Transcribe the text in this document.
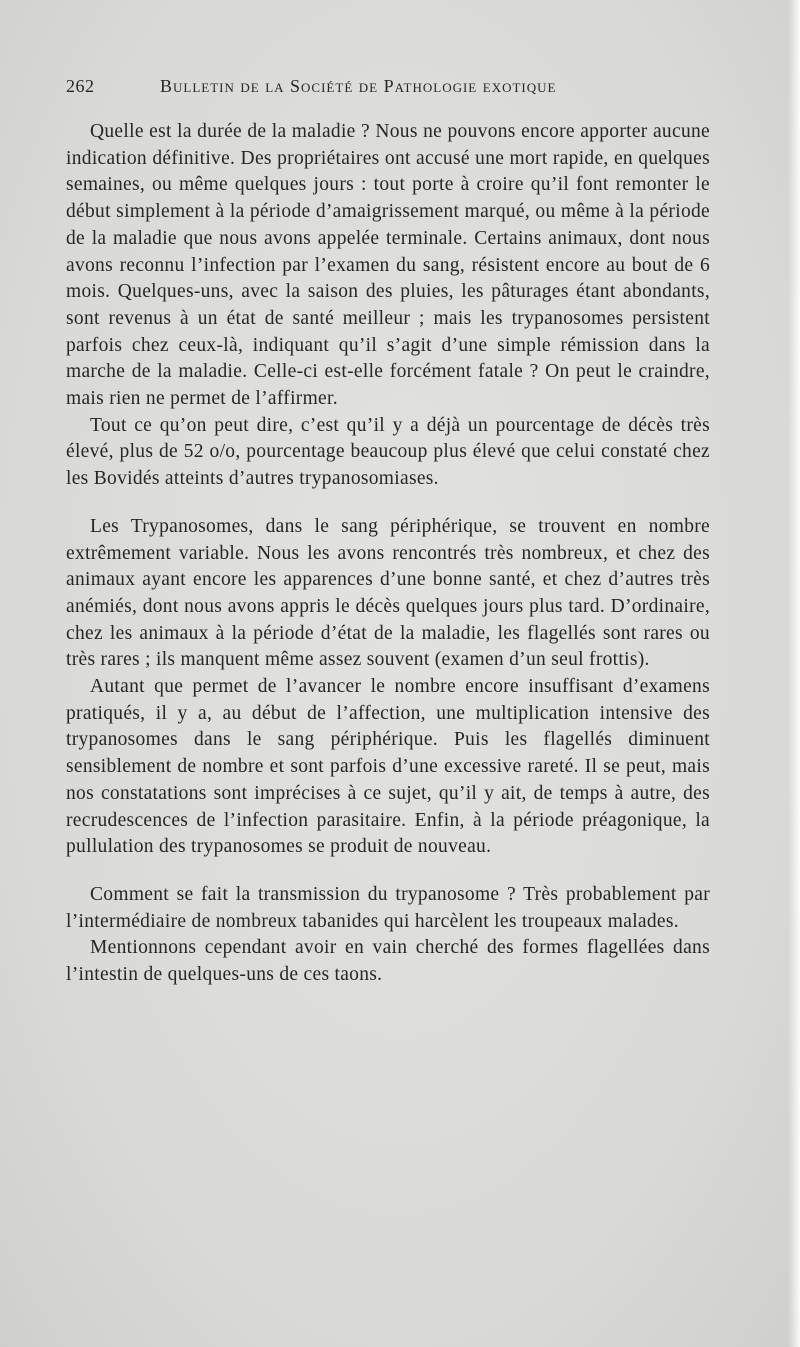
262	Bulletin de la Société de Pathologie exotique

Quelle est la durée de la maladie ? Nous ne pouvons encore apporter aucune indication définitive. Des propriétaires ont accusé une mort rapide, en quelques semaines, ou même quelques jours : tout porte à croire qu’il font remonter le début simplement à la période d’amaigrissement marqué, ou même à la période de la maladie que nous avons appelée terminale. Certains animaux, dont nous avons reconnu l’infection par l’examen du sang, résistent encore au bout de 6 mois. Quelques-uns, avec la saison des pluies, les pâturages étant abondants, sont revenus à un état de santé meilleur ; mais les trypanosomes persistent parfois chez ceux-là, indiquant qu’il s’agit d’une simple rémission dans la marche de la maladie. Celle-ci est-elle forcément fatale ? On peut le craindre, mais rien ne permet de l’affirmer.

Tout ce qu’on peut dire, c’est qu’il y a déjà un pourcentage de décès très élevé, plus de 52 o/o, pourcentage beaucoup plus élevé que celui constaté chez les Bovidés atteints d’autres trypanosomiases.

Les Trypanosomes, dans le sang périphérique, se trouvent en nombre extrêmement variable. Nous les avons rencontrés très nombreux, et chez des animaux ayant encore les apparences d’une bonne santé, et chez d’autres très anémiés, dont nous avons appris le décès quelques jours plus tard. D’ordinaire, chez les animaux à la période d’état de la maladie, les flagellés sont rares ou très rares ; ils manquent même assez souvent (examen d’un seul frottis).

Autant que permet de l’avancer le nombre encore insuffisant d’examens pratiqués, il y a, au début de l’affection, une multiplication intensive des trypanosomes dans le sang périphérique. Puis les flagellés diminuent sensiblement de nombre et sont parfois d’une excessive rareté. Il se peut, mais nos constatations sont imprécises à ce sujet, qu’il y ait, de temps à autre, des recrudescences de l’infection parasitaire. Enfin, à la période préagonique, la pullulation des trypanosomes se produit de nouveau.

Comment se fait la transmission du trypanosome ? Très probablement par l’intermédiaire de nombreux tabanides qui harcèlent les troupeaux malades.

Mentionnons cependant avoir en vain cherché des formes flagellées dans l’intestin de quelques-uns de ces taons.
